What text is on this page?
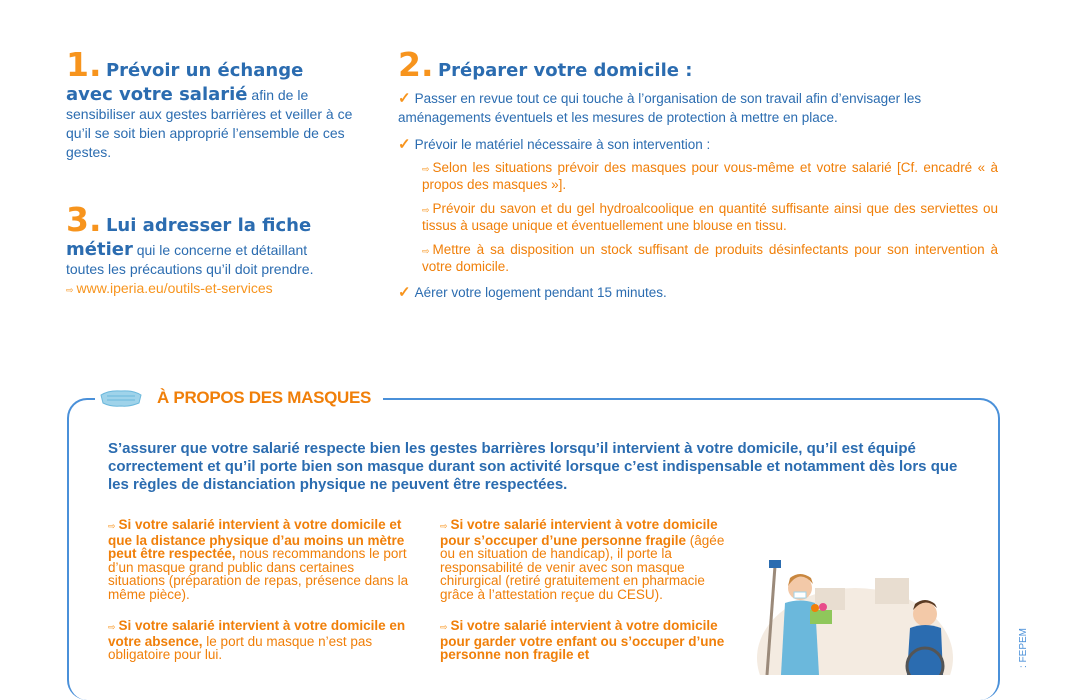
1. Prévoir un échange
avec votre salarié afin de le
sensibiliser aux gestes barrières et veiller à ce qu’il se soit bien approprié l’ensemble de ces gestes.
3. Lui adresser la fiche
métier qui le concerne et détaillant
toutes les précautions qu’il doit prendre.
⇨ www.iperia.eu/outils-et-services
2. Préparer votre domicile :
✓ Passer en revue tout ce qui touche à l’organisation de son travail afin d’envisager les aménagements éventuels et les mesures de protection à mettre en place.
✓ Prévoir le matériel nécessaire à son intervention :
⇨ Selon les situations prévoir des masques pour vous-même et votre salarié [Cf. encadré « à propos des masques »].
⇨ Prévoir du savon et du gel hydroalcoolique en quantité suffisante ainsi que des serviettes ou tissus à usage unique et éventuellement une blouse en tissu.
⇨ Mettre à sa disposition un stock suffisant de produits désinfectants pour son intervention à votre domicile.
✓ Aérer votre logement pendant 15 minutes.
À PROPOS DES MASQUES
S’assurer que votre salarié respecte bien les gestes barrières lorsqu’il intervient à votre domicile, qu’il est équipé correctement et qu’il porte bien son masque durant son activité lorsque c’est indispensable et notamment dès lors que les règles de distanciation physique ne peuvent être respectées.
⇨ Si votre salarié intervient à votre domicile et que la distance physique d’au moins un mètre peut être respectée, nous recommandons le port d’un masque grand public dans certaines situations (préparation de repas, présence dans la même pièce).
⇨ Si votre salarié intervient à votre domicile en votre absence, le port du masque n’est pas obligatoire pour lui.
⇨ Si votre salarié intervient à votre domicile pour s’occuper d’une personne fragile (âgée ou en situation de handicap), il porte la responsabilité de venir avec son masque chirurgical (retiré gratuitement en pharmacie grâce à l’attestation reçue du CESU).
⇨ Si votre salarié intervient à votre domicile pour garder votre enfant ou s’occuper d’une personne non fragile et	: FEPEM
